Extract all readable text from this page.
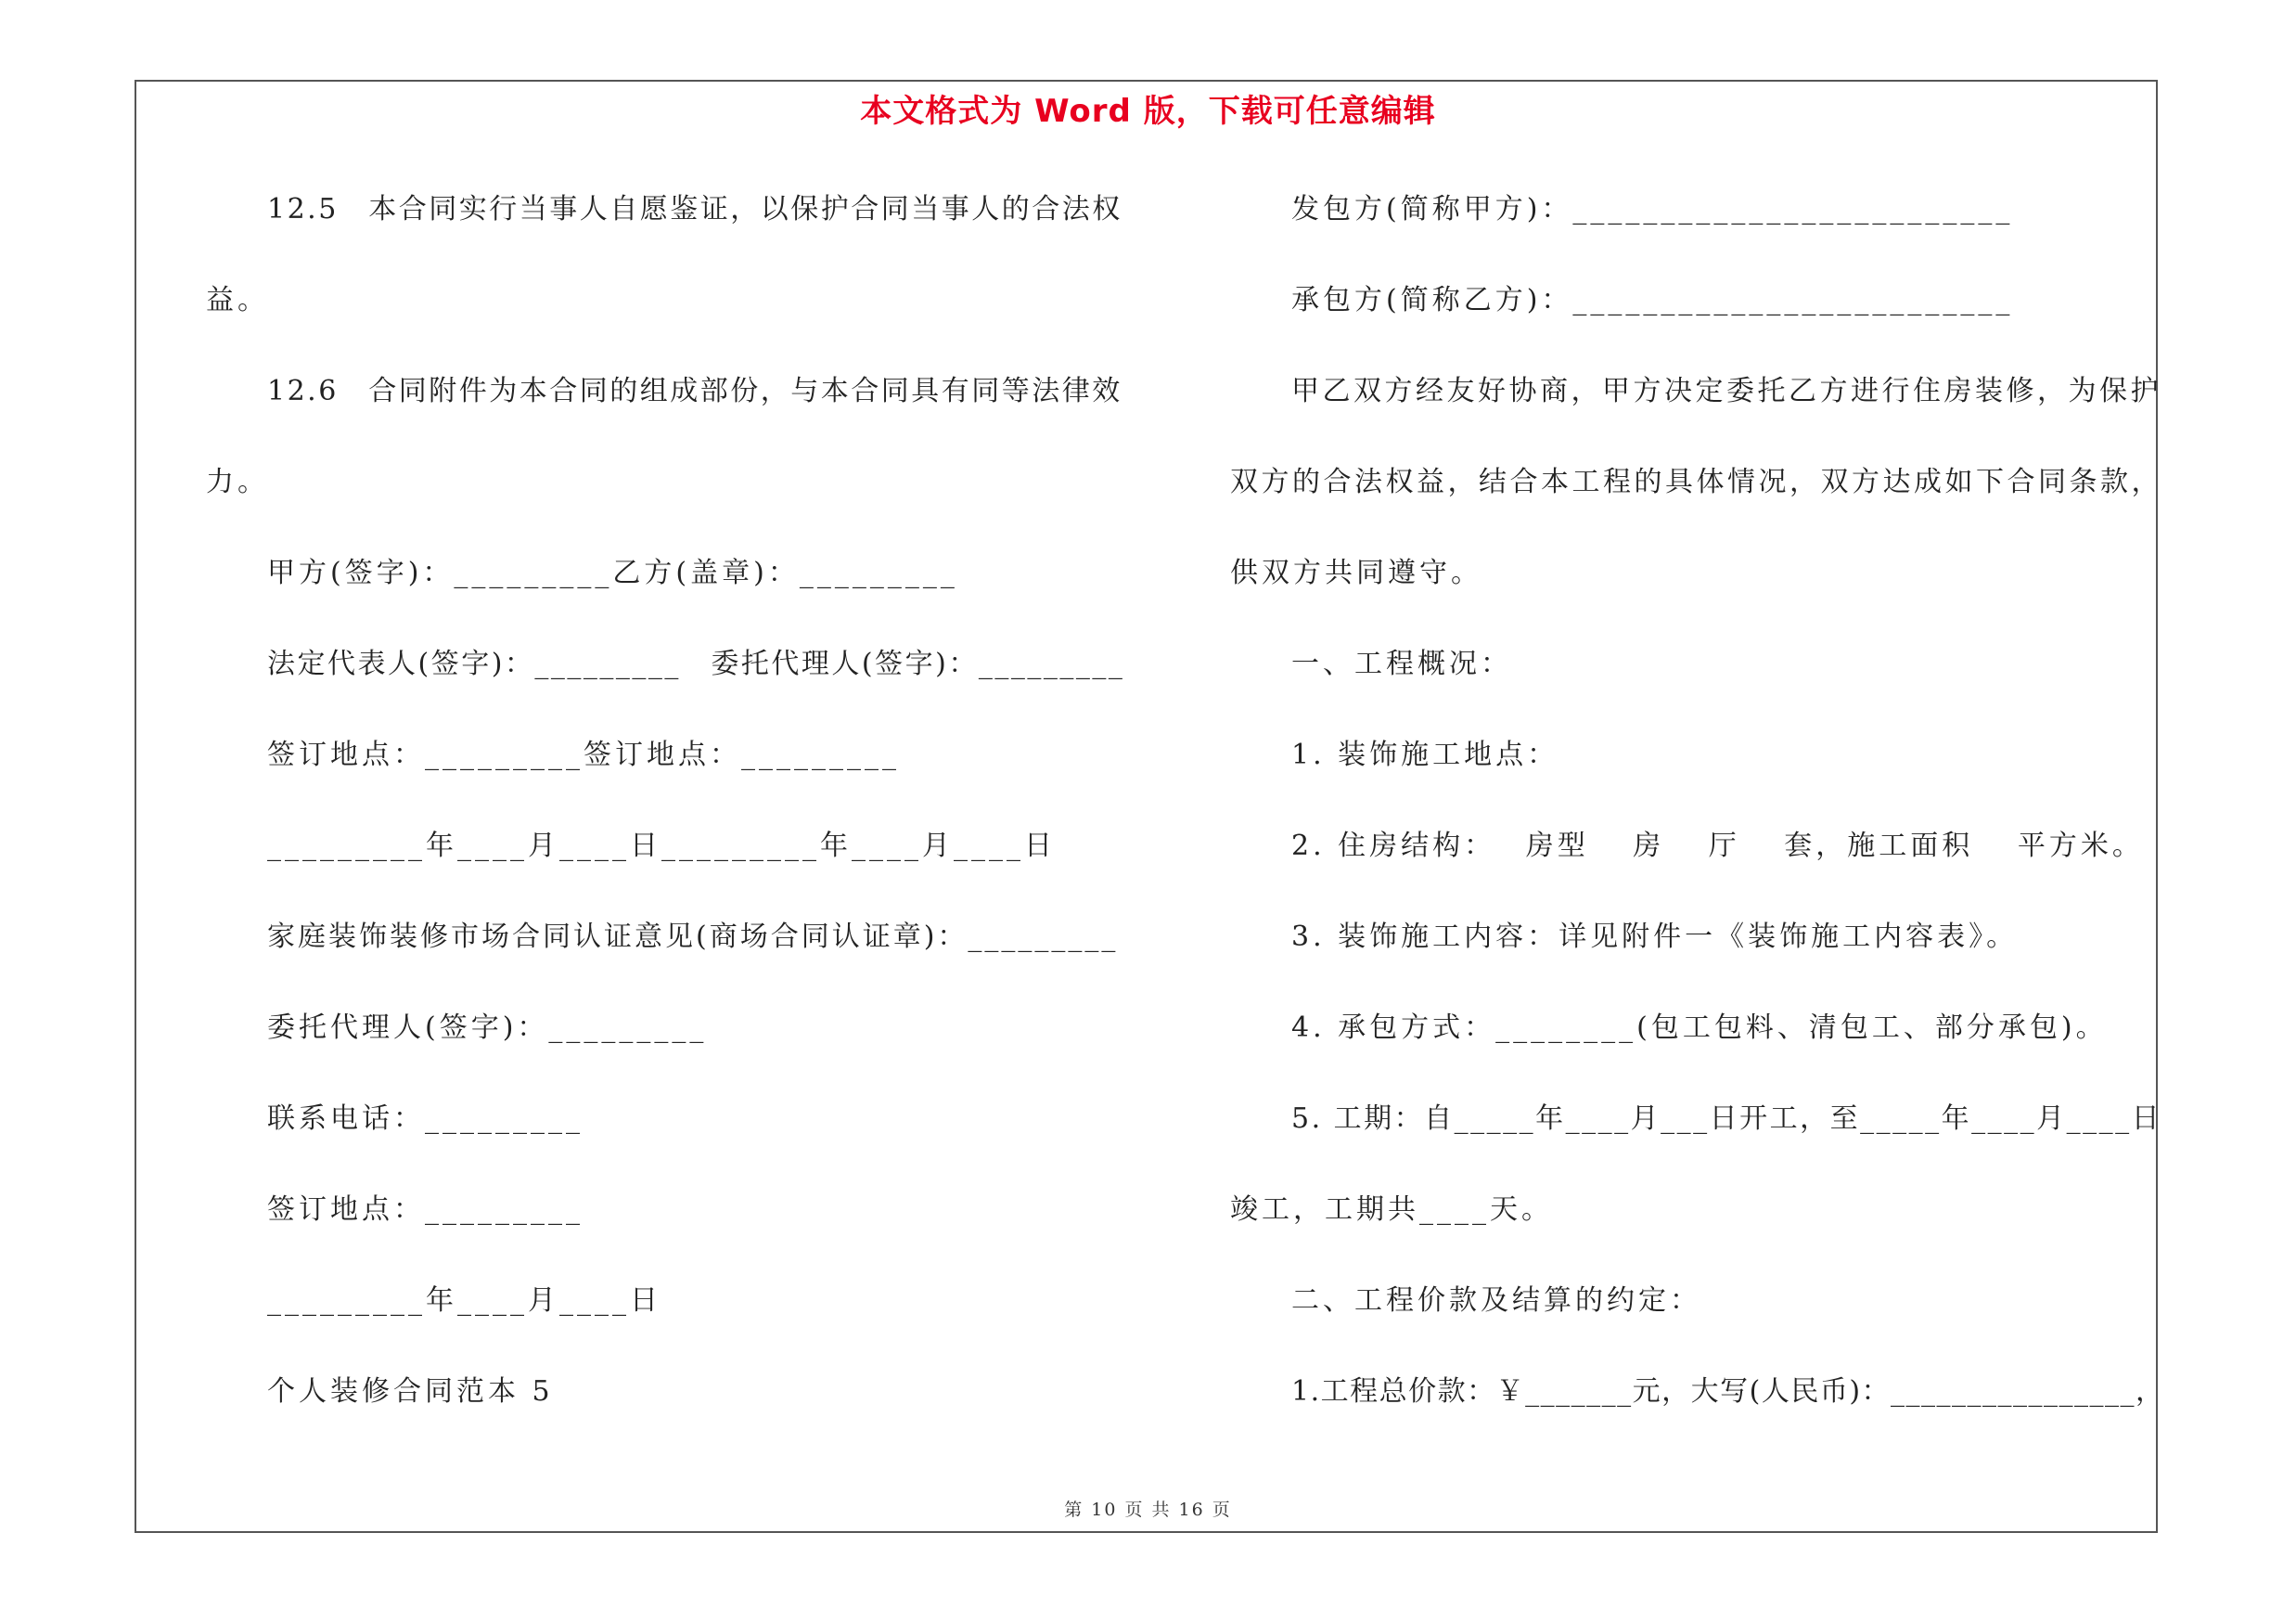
本文格式为 Word 版，下载可任意编辑
12.5　本合同实行当事人自愿鉴证，以保护合同当事人的合法权
益。
12.6　合同附件为本合同的组成部份，与本合同具有同等法律效
力。
甲方(签字)：_________乙方(盖章)：_________
法定代表人(签字)：_________　委托代理人(签字)：_________
签订地点：_________签订地点：_________
_________年____月____日_________年____月____日
家庭装饰装修市场合同认证意见(商场合同认证章)：_________
委托代理人(签字)：_________
联系电话：_________
签订地点：_________
_________年____月____日
个人装修合同范本 5
发包方(简称甲方)：_________________________
承包方(简称乙方)：_________________________
甲乙双方经友好协商，甲方决定委托乙方进行住房装修，为保护
双方的合法权益，结合本工程的具体情况，双方达成如下合同条款，
供双方共同遵守。
一、工程概况：
1. 装饰施工地点：
2. 住房结构：　 房型　 房　 厅　 套，施工面积　 平方米。
3. 装饰施工内容：详见附件一《装饰施工内容表》。
4. 承包方式：________(包工包料、清包工、部分承包)。
5. 工期：自_____年____月___日开工，至_____年____月____日
竣工，工期共____天。
二、工程价款及结算的约定：
1.工程总价款：￥_______元，大写(人民币)：________________，
第 10 页 共 16 页
